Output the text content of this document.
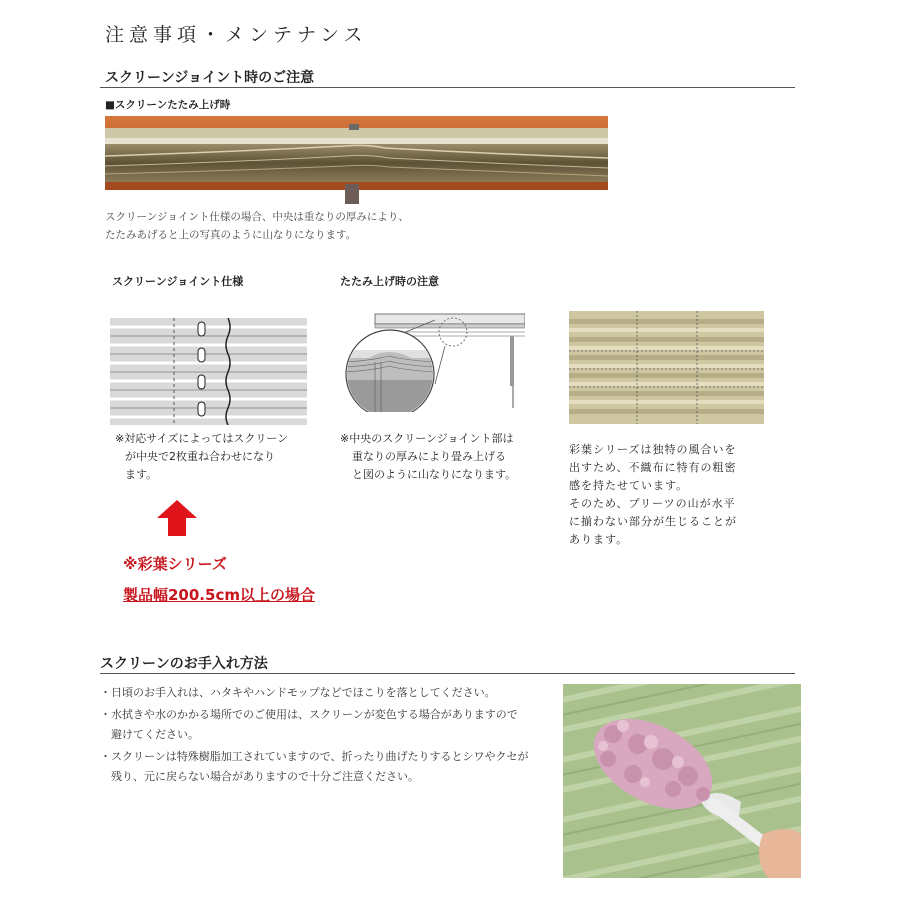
注意事項・メンテナンス
スクリーンジョイント時のご注意
■スクリーンたたみ上げ時
スクリーンジョイント仕様の場合、中央は重なりの厚みにより、
たたみあげると上の写真のように山なりになります。
スクリーンジョイント仕様	たたみ上げ時の注意
※対応サイズによってはスクリーン
が中央で2枚重ね合わせになり
ます。
※中央のスクリーンジョイント部は
重なりの厚みにより畳み上げる
と図のように山なりになります。
彩葉シリーズは独特の風合いを
出すため、不織布に特有の粗密
感を持たせています。
そのため、プリーツの山が水平
に揃わない部分が生じることが
あります。
※彩葉シリーズ
製品幅200.5cm以上の場合
スクリーンのお手入れ方法
・日頃のお手入れは、ハタキやハンドモップなどでほこりを落としてください。
・水拭きや水のかかる場所でのご使用は、スクリーンが変色する場合がありますので
　避けてください。
・スクリーンは特殊樹脂加工されていますので、折ったり曲げたりするとシワやクセが
　残り、元に戻らない場合がありますので十分ご注意ください。
